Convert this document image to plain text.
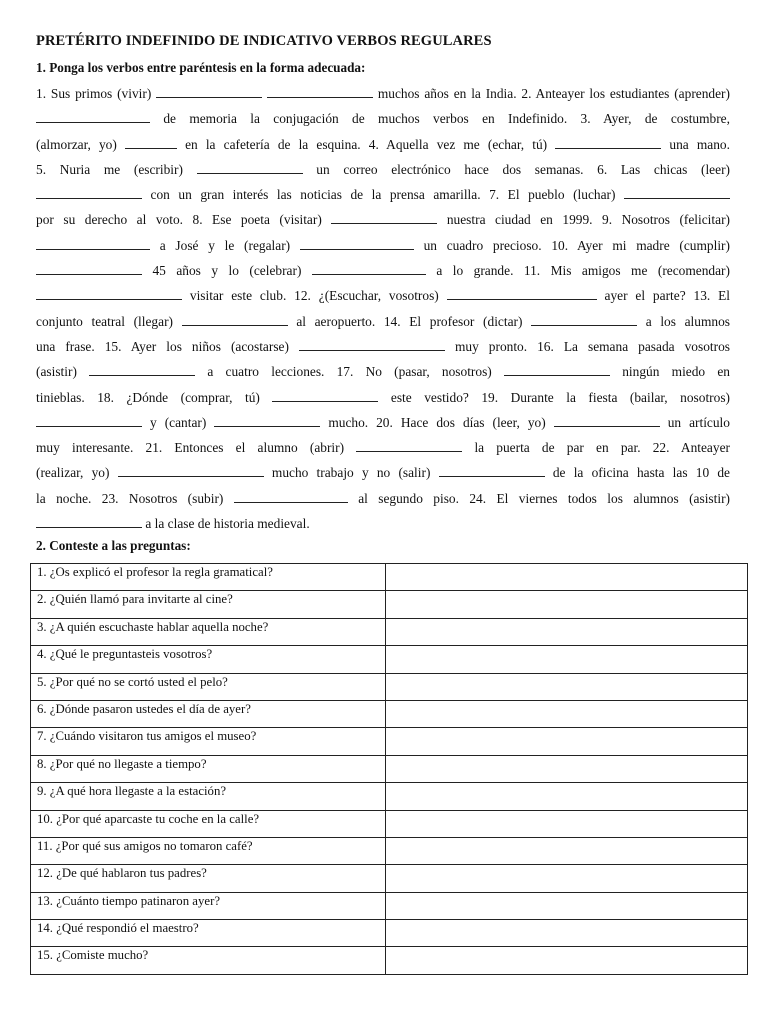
PRETÉRITO INDEFINIDO DE INDICATIVO VERBOS REGULARES
1. Ponga los verbos entre paréntesis en la forma adecuada:
1. Sus primos (vivir)	muchos años en la India. 2. Anteayer los estudiantes (aprender)
de memoria la conjugación de muchos verbos en Indefinido. 3. Ayer, de costumbre,
(almorzar, yo)	en la cafetería de la esquina. 4. Aquella vez me (echar, tú)	una mano.
5. Nuria me (escribir)	un correo electrónico hace dos semanas. 6. Las chicas (leer)
con un gran interés las noticias de la prensa amarilla. 7. El pueblo (luchar)
por su derecho al voto. 8. Ese poeta (visitar)	nuestra ciudad en 1999. 9. Nosotros (felicitar)
a José y le (regalar)	un cuadro precioso. 10. Ayer mi madre (cumplir)
45 años y lo (celebrar)	a lo grande. 11. Mis amigos me (recomendar)
visitar este club. 12. ¿(Escuchar, vosotros)	ayer el parte? 13. El
conjunto teatral (llegar)	al aeropuerto. 14. El profesor (dictar)	a los alumnos
una frase. 15. Ayer los niños (acostarse)	muy pronto. 16. La semana pasada vosotros
(asistir)	a cuatro lecciones. 17. No (pasar, nosotros)	ningún miedo en
tinieblas. 18. ¿Dónde (comprar, tú)	este vestido? 19. Durante la fiesta (bailar, nosotros)
y (cantar)	mucho. 20. Hace dos días (leer, yo)	un artículo
muy interesante. 21. Entonces el alumno (abrir)	la puerta de par en par. 22. Anteayer
(realizar, yo)	mucho trabajo y no (salir)	de la oficina hasta las 10 de
la noche. 23. Nosotros (subir)	al segundo piso. 24. El viernes todos los alumnos (asistir)
a la clase de historia medieval.
2. Conteste a las preguntas:
1. ¿Os explicó el profesor la regla gramatical?	
2. ¿Quién llamó para invitarte al cine?	
3. ¿A quién escuchaste hablar aquella noche?	
4. ¿Qué le preguntasteis vosotros?	
5. ¿Por qué no se cortó usted el pelo?	
6. ¿Dónde pasaron ustedes el día de ayer?	
7. ¿Cuándo visitaron tus amigos el museo?	
8. ¿Por qué no llegaste a tiempo?	
9. ¿A qué hora llegaste a la estación?	
10. ¿Por qué aparcaste tu coche en la calle?	
11. ¿Por qué sus amigos no tomaron café?	
12. ¿De qué hablaron tus padres?	
13. ¿Cuánto tiempo patinaron ayer?	
14. ¿Qué respondió el maestro?	
15. ¿Comiste mucho?	
